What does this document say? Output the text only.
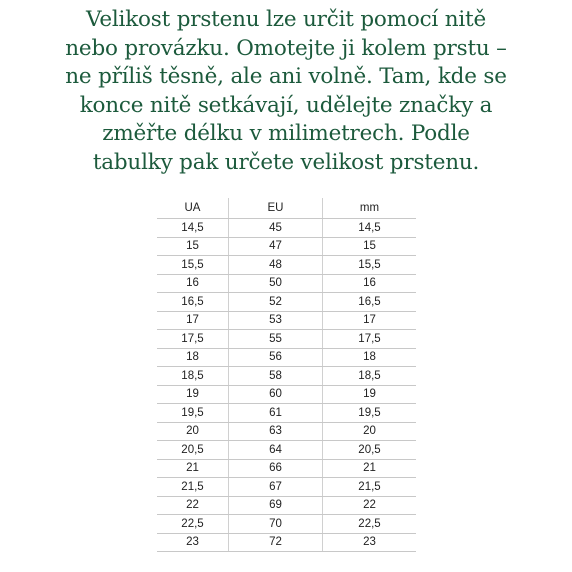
Velikost prstenu lze určit pomocí nitě
nebo provázku. Omotejte ji kolem prstu –
ne příliš těsně, ale ani volně. Tam, kde se
konce nitě setkávají, udělejte značky a
změřte délku v milimetrech. Podle
tabulky pak určete velikost prstenu.
UA	EU	mm
14,5	45	14,5
15	47	15
15,5	48	15,5
16	50	16
16,5	52	16,5
17	53	17
17,5	55	17,5
18	56	18
18,5	58	18,5
19	60	19
19,5	61	19,5
20	63	20
20,5	64	20,5
21	66	21
21,5	67	21,5
22	69	22
22,5	70	22,5
23	72	23
